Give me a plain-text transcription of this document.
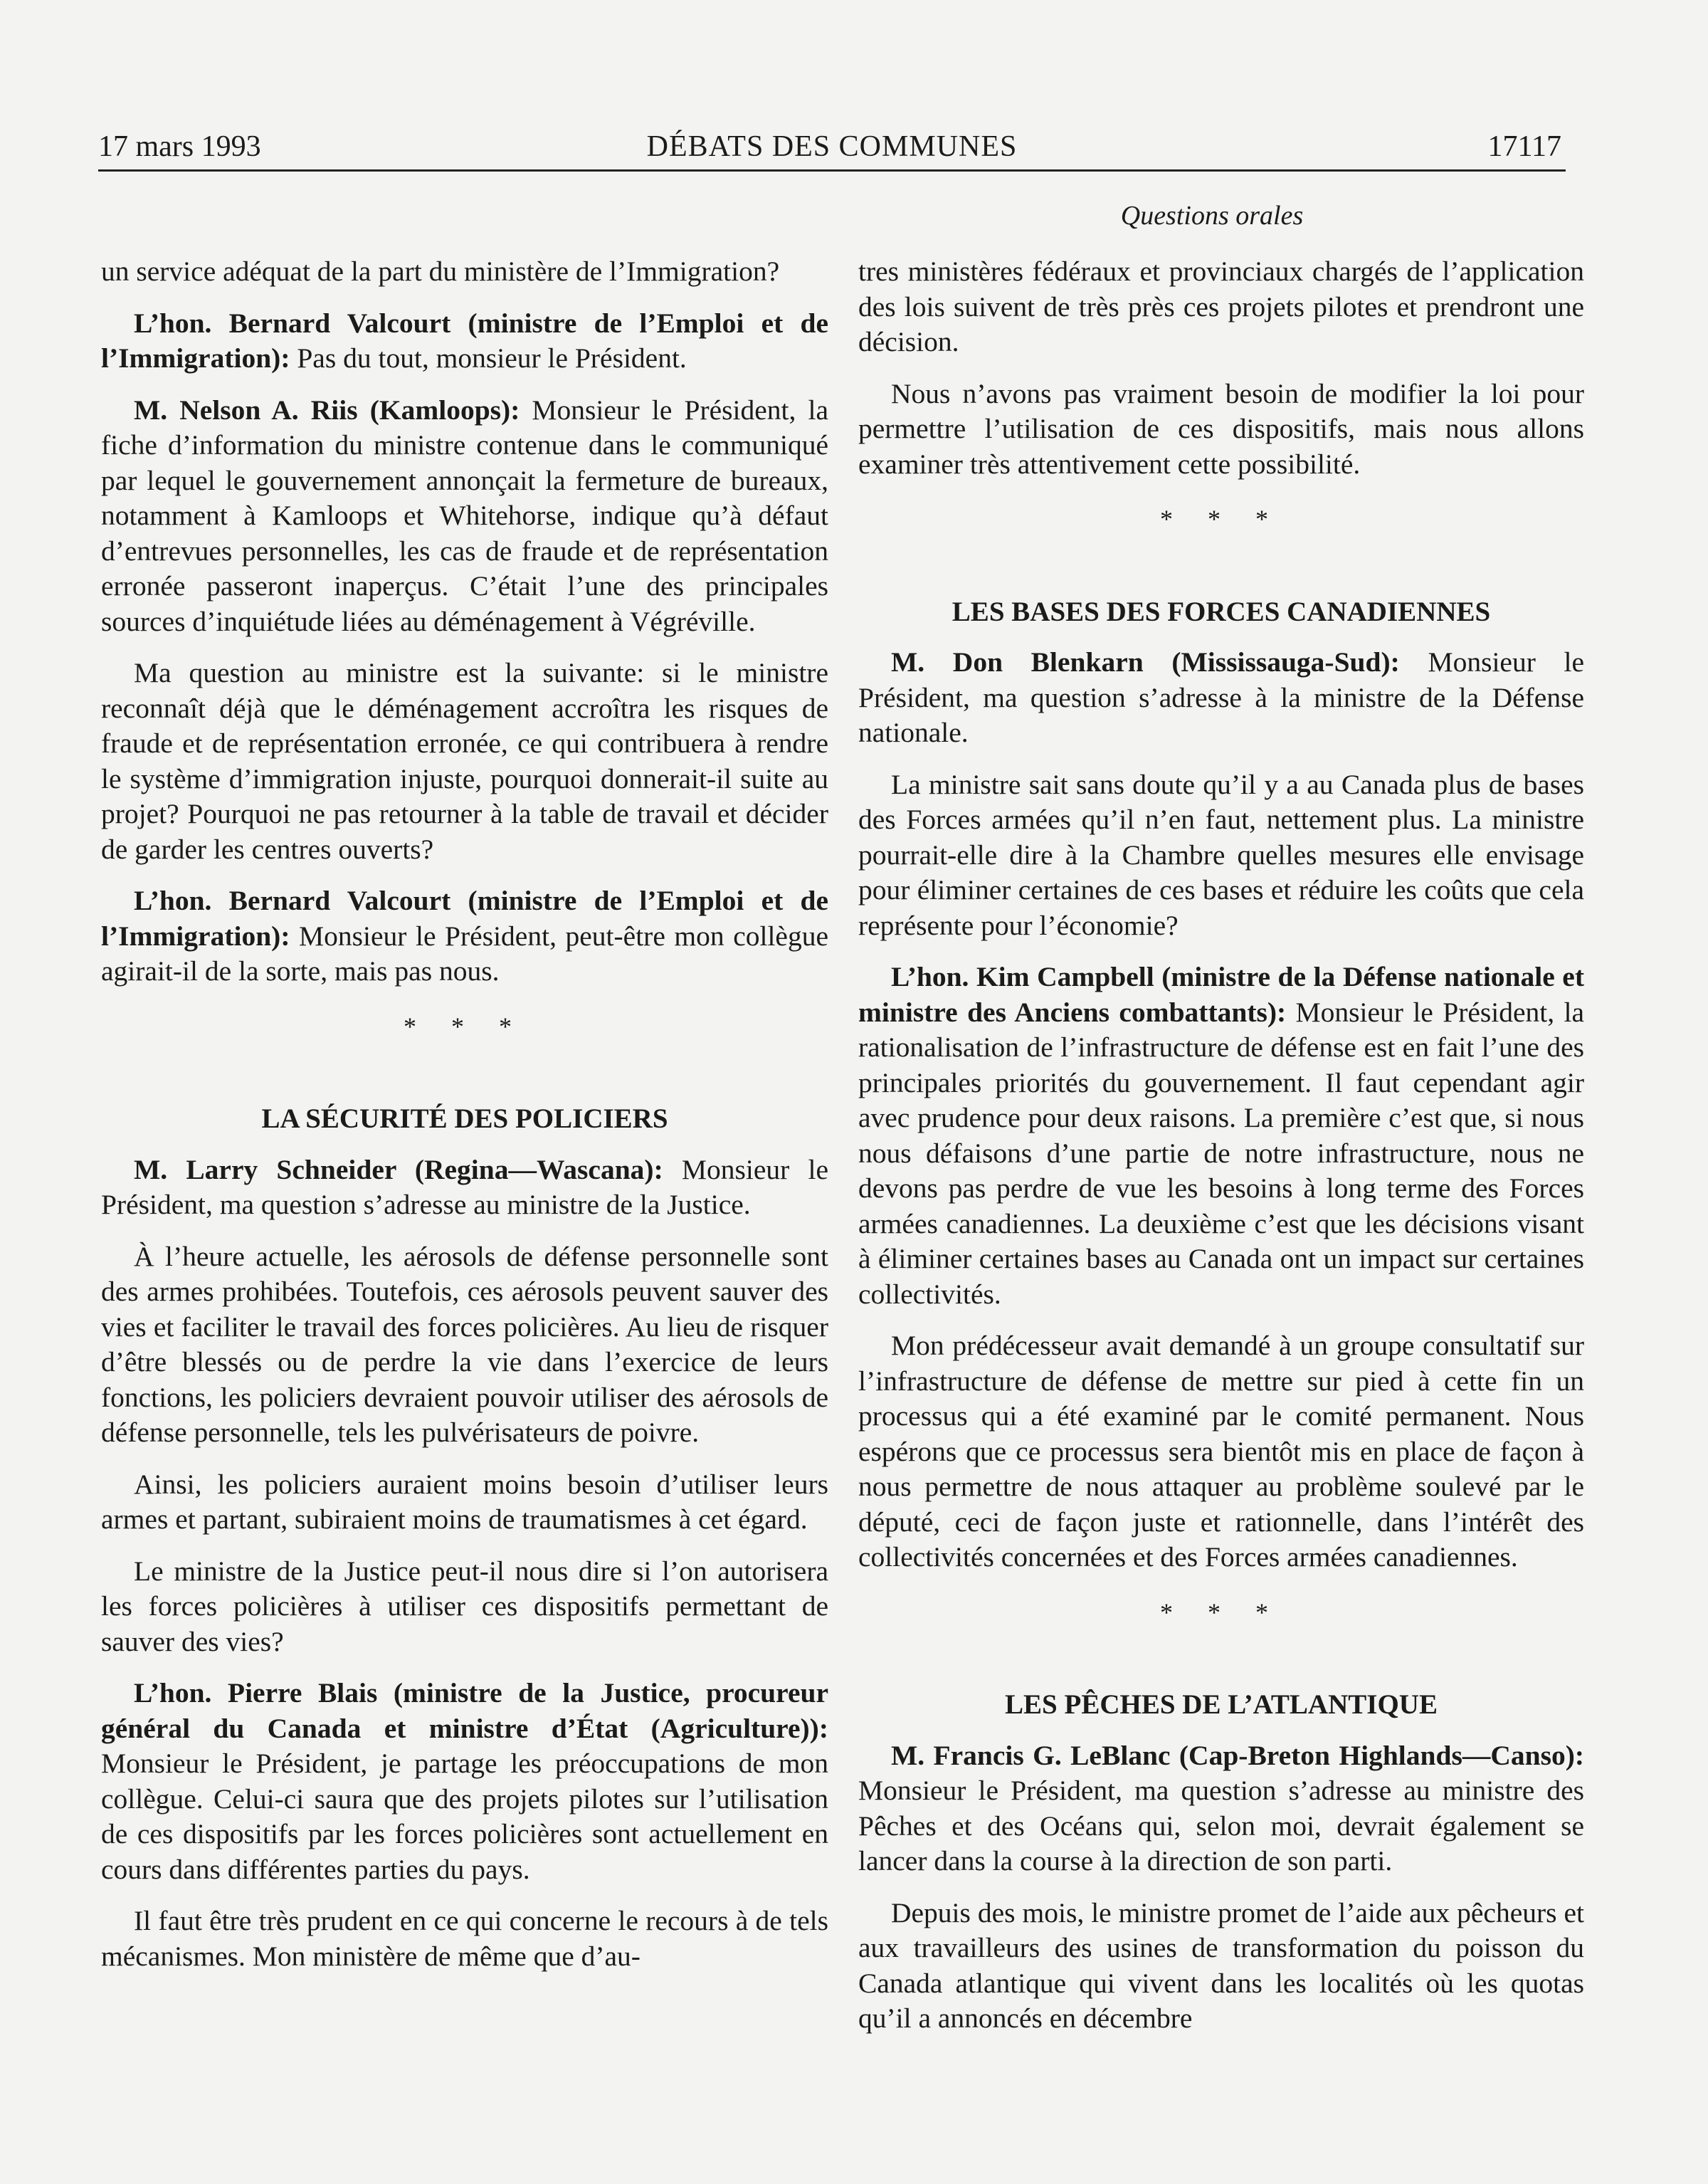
17 mars 1993	DÉBATS DES COMMUNES	17117
Questions orales

un service adéquat de la part du ministère de l’Immigration?

L’hon. Bernard Valcourt (ministre de l’Emploi et de l’Immigration): Pas du tout, monsieur le Président.

M. Nelson A. Riis (Kamloops): Monsieur le Président, la fiche d’information du ministre contenue dans le communiqué par lequel le gouvernement annonçait la fermeture de bureaux, notamment à Kamloops et Whitehorse, indique qu’à défaut d’entrevues personnelles, les cas de fraude et de représentation erronée passeront inaperçus. C’était l’une des principales sources d’inquiétude liées au déménagement à Végréville.

Ma question au ministre est la suivante: si le ministre reconnaît déjà que le déménagement accroîtra les risques de fraude et de représentation erronée, ce qui contribuera à rendre le système d’immigration injuste, pourquoi donnerait-il suite au projet? Pourquoi ne pas retourner à la table de travail et décider de garder les centres ouverts?

L’hon. Bernard Valcourt (ministre de l’Emploi et de l’Immigration): Monsieur le Président, peut-être mon collègue agirait-il de la sorte, mais pas nous.

* * *
LA SÉCURITÉ DES POLICIERS

M. Larry Schneider (Regina—Wascana): Monsieur le Président, ma question s’adresse au ministre de la Justice.

À l’heure actuelle, les aérosols de défense personnelle sont des armes prohibées. Toutefois, ces aérosols peuvent sauver des vies et faciliter le travail des forces policières. Au lieu de risquer d’être blessés ou de perdre la vie dans l’exercice de leurs fonctions, les policiers devraient pouvoir utiliser des aérosols de défense personnelle, tels les pulvérisateurs de poivre.

Ainsi, les policiers auraient moins besoin d’utiliser leurs armes et partant, subiraient moins de traumatismes à cet égard.

Le ministre de la Justice peut-il nous dire si l’on autorisera les forces policières à utiliser ces dispositifs permettant de sauver des vies?

L’hon. Pierre Blais (ministre de la Justice, procureur général du Canada et ministre d’État (Agriculture)): Monsieur le Président, je partage les préoccupations de mon collègue. Celui-ci saura que des projets pilotes sur l’utilisation de ces dispositifs par les forces policières sont actuellement en cours dans différentes parties du pays.

Il faut être très prudent en ce qui concerne le recours à de tels mécanismes. Mon ministère de même que d’au-

tres ministères fédéraux et provinciaux chargés de l’application des lois suivent de très près ces projets pilotes et prendront une décision.

Nous n’avons pas vraiment besoin de modifier la loi pour permettre l’utilisation de ces dispositifs, mais nous allons examiner très attentivement cette possibilité.

* * *
LES BASES DES FORCES CANADIENNES

M. Don Blenkarn (Mississauga-Sud): Monsieur le Président, ma question s’adresse à la ministre de la Défense nationale.

La ministre sait sans doute qu’il y a au Canada plus de bases des Forces armées qu’il n’en faut, nettement plus. La ministre pourrait-elle dire à la Chambre quelles mesures elle envisage pour éliminer certaines de ces bases et réduire les coûts que cela représente pour l’économie?

L’hon. Kim Campbell (ministre de la Défense nationale et ministre des Anciens combattants): Monsieur le Président, la rationalisation de l’infrastructure de défense est en fait l’une des principales priorités du gouvernement. Il faut cependant agir avec prudence pour deux raisons. La première c’est que, si nous nous défaisons d’une partie de notre infrastructure, nous ne devons pas perdre de vue les besoins à long terme des Forces armées canadiennes. La deuxième c’est que les décisions visant à éliminer certaines bases au Canada ont un impact sur certaines collectivités.

Mon prédécesseur avait demandé à un groupe consultatif sur l’infrastructure de défense de mettre sur pied à cette fin un processus qui a été examiné par le comité permanent. Nous espérons que ce processus sera bientôt mis en place de façon à nous permettre de nous attaquer au problème soulevé par le député, ceci de façon juste et rationnelle, dans l’intérêt des collectivités concernées et des Forces armées canadiennes.

* * *
LES PÊCHES DE L’ATLANTIQUE

M. Francis G. LeBlanc (Cap-Breton Highlands—Canso): Monsieur le Président, ma question s’adresse au ministre des Pêches et des Océans qui, selon moi, devrait également se lancer dans la course à la direction de son parti.

Depuis des mois, le ministre promet de l’aide aux pêcheurs et aux travailleurs des usines de transformation du poisson du Canada atlantique qui vivent dans les localités où les quotas qu’il a annoncés en décembre
